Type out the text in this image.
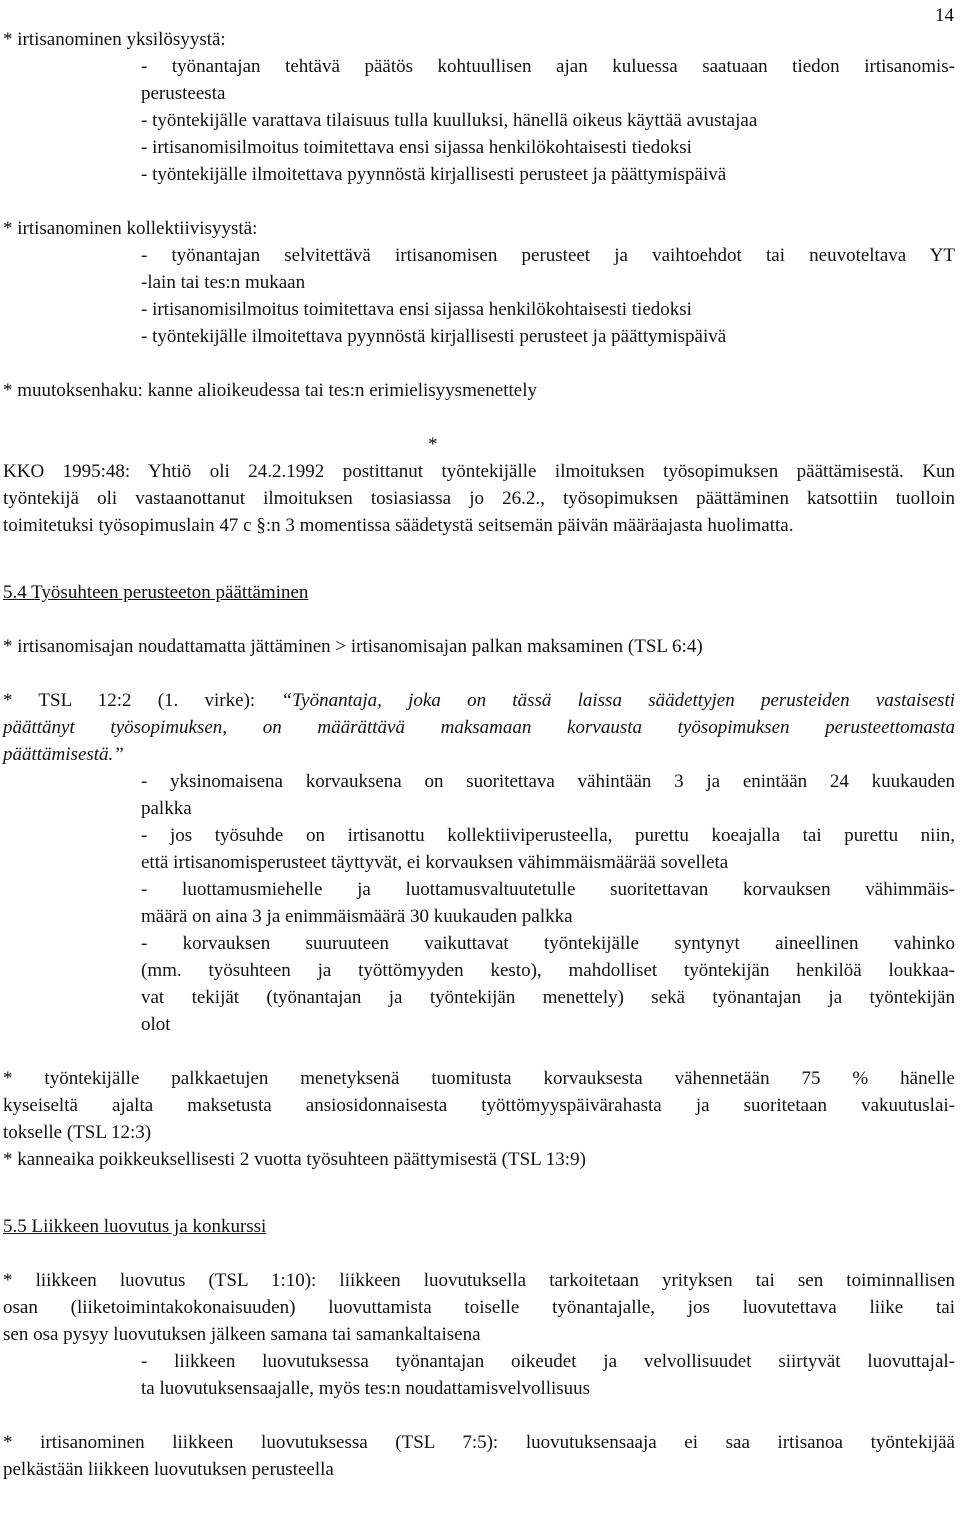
14
* irtisanominen yksilösyystä:
- työnantajan tehtävä päätös kohtuullisen ajan kuluessa saatuaan tiedon irtisanomis-
perusteesta
- työntekijälle varattava tilaisuus tulla kuulluksi, hänellä oikeus käyttää avustajaa
- irtisanomisilmoitus toimitettava ensi sijassa henkilökohtaisesti tiedoksi
- työntekijälle ilmoitettava pyynnöstä kirjallisesti perusteet ja päättymispäivä
* irtisanominen kollektiivisyystä:
- työnantajan selvitettävä irtisanomisen perusteet ja vaihtoehdot tai neuvoteltava YT
-lain tai tes:n mukaan
- irtisanomisilmoitus toimitettava ensi sijassa henkilökohtaisesti tiedoksi
- työntekijälle ilmoitettava pyynnöstä kirjallisesti perusteet ja päättymispäivä
* muutoksenhaku: kanne alioikeudessa tai tes:n erimielisyysmenettely
*
KKO 1995:48: Yhtiö oli 24.2.1992 postittanut työntekijälle ilmoituksen työsopimuksen päättämisestä. Kun
työntekijä oli vastaanottanut ilmoituksen tosiasiassa jo 26.2., työsopimuksen päättäminen katsottiin tuolloin
toimitetuksi työsopimuslain 47 c §:n 3 momentissa säädetystä seitsemän päivän määräajasta huolimatta.
5.4 Työsuhteen perusteeton päättäminen
* irtisanomisajan noudattamatta jättäminen > irtisanomisajan palkan maksaminen (TSL 6:4)
* TSL 12:2 (1. virke): “Työnantaja, joka on tässä laissa säädettyjen perusteiden vastaisesti
päättänyt työsopimuksen, on määrättävä maksamaan korvausta työsopimuksen perusteettomasta
päättämisestä.”
- yksinomaisena korvauksena on suoritettava vähintään 3 ja enintään 24 kuukauden
palkka
- jos työsuhde on irtisanottu kollektiiviperusteella, purettu koeajalla tai purettu niin,
että irtisanomisperusteet täyttyvät, ei korvauksen vähimmäismäärää sovelleta
- luottamusmiehelle ja luottamusvaltuutetulle suoritettavan korvauksen vähimmäis-
määrä on aina 3 ja enimmäismäärä 30 kuukauden palkka
- korvauksen suuruuteen vaikuttavat työntekijälle syntynyt aineellinen vahinko
(mm. työsuhteen ja työttömyyden kesto), mahdolliset työntekijän henkilöä loukkaa-
vat tekijät (työnantajan ja työntekijän menettely) sekä työnantajan ja työntekijän
olot
* työntekijälle palkkaetujen menetyksenä tuomitusta korvauksesta vähennetään 75 % hänelle
kyseiseltä ajalta maksetusta ansiosidonnaisesta työttömyyspäivärahasta ja suoritetaan vakuutuslai-
tokselle (TSL 12:3)
* kanneaika poikkeuksellisesti 2 vuotta työsuhteen päättymisestä (TSL 13:9)
5.5 Liikkeen luovutus ja konkurssi
* liikkeen luovutus (TSL 1:10): liikkeen luovutuksella tarkoitetaan yrityksen tai sen toiminnallisen
osan (liiketoimintakokonaisuuden) luovuttamista toiselle työnantajalle, jos luovutettava liike tai
sen osa pysyy luovutuksen jälkeen samana tai samankaltaisena
- liikkeen luovutuksessa työnantajan oikeudet ja velvollisuudet siirtyvät luovuttajal-
ta luovutuksensaajalle, myös tes:n noudattamisvelvollisuus
* irtisanominen liikkeen luovutuksessa (TSL 7:5): luovutuksensaaja ei saa irtisanoa työntekijää
pelkästään liikkeen luovutuksen perusteella
